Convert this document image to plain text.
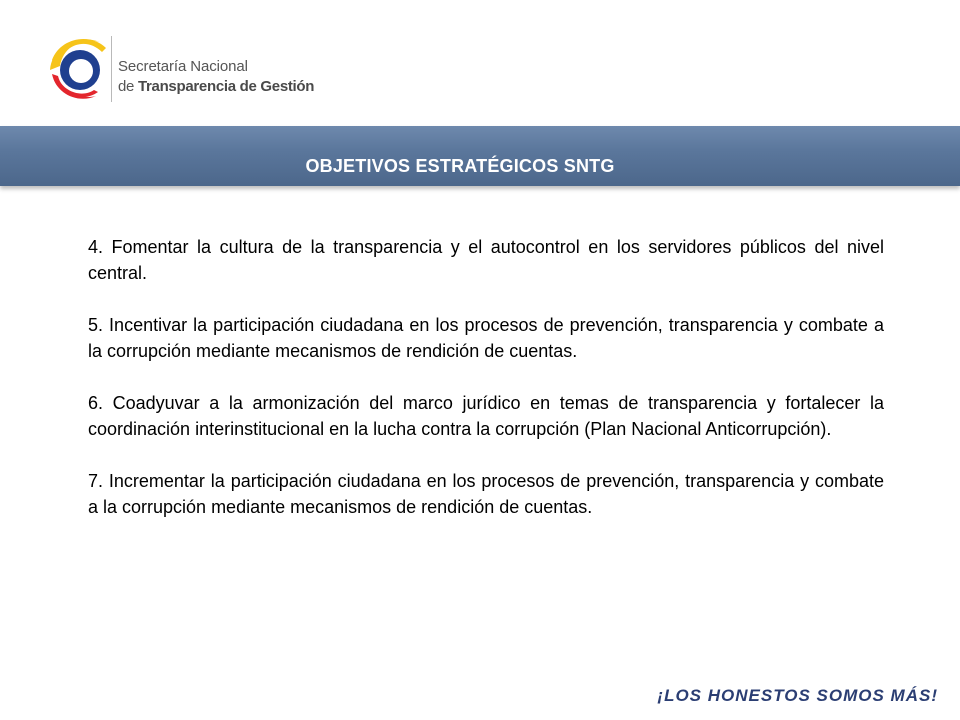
Secretaría Nacional
de Transparencia de Gestión
OBJETIVOS ESTRATÉGICOS SNTG

4. Fomentar la cultura de la transparencia y el autocontrol en los servidores públicos del nivel central.

5. Incentivar la participación ciudadana en los procesos de prevención, transparencia y combate a la corrupción mediante mecanismos de rendición de cuentas.

6. Coadyuvar a la armonización del marco jurídico en temas de transparencia y fortalecer la coordinación interinstitucional en la lucha contra la corrupción (Plan Nacional Anticorrupción).

7. Incrementar la participación ciudadana en los procesos de prevención, transparencia y combate a la corrupción mediante mecanismos de rendición de cuentas.

¡LOS HONESTOS SOMOS MÁS!
